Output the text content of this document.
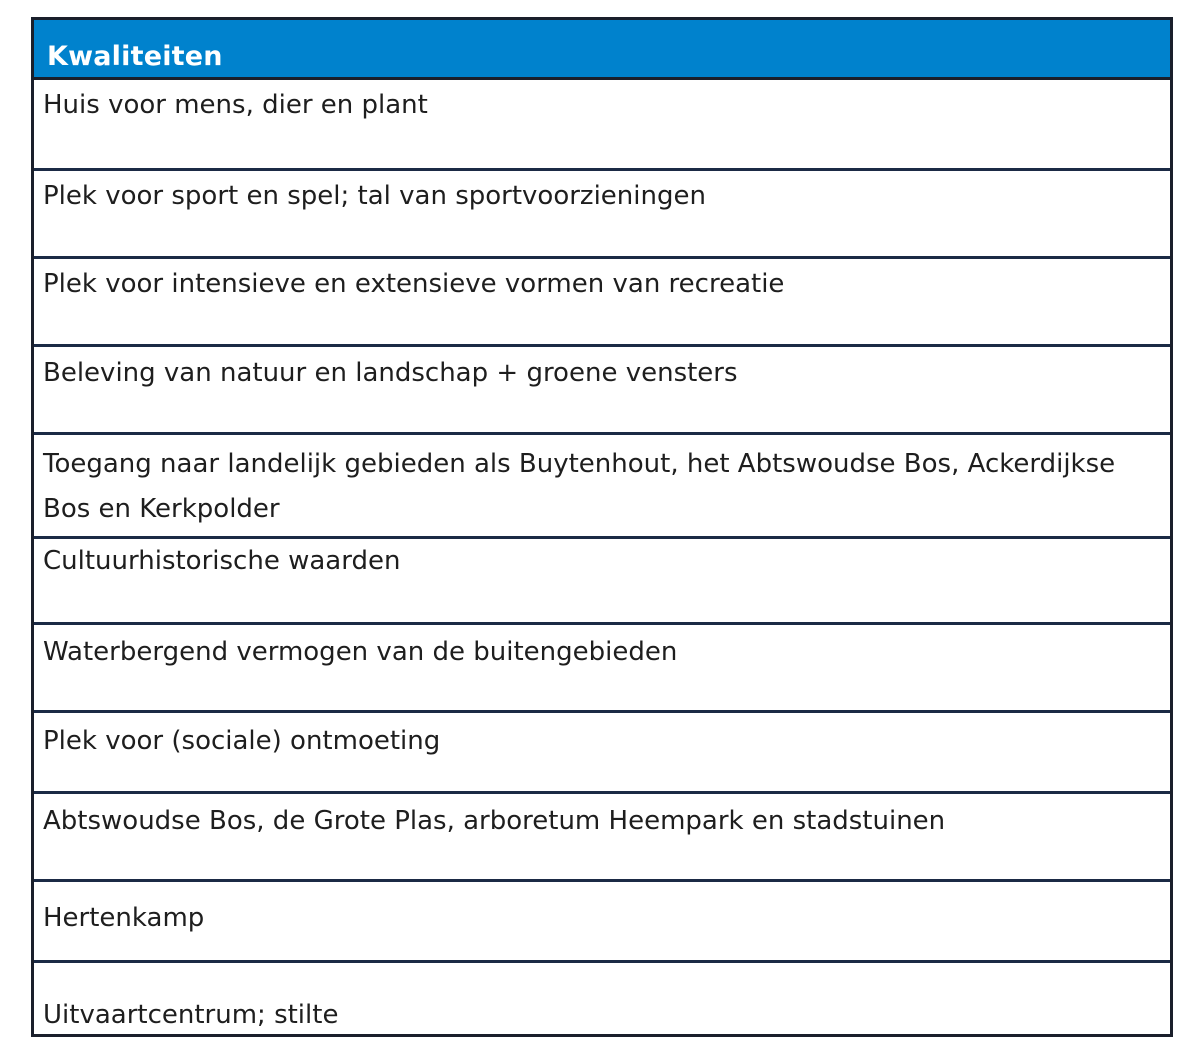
Kwaliteiten
Huis voor mens, dier en plant
Plek voor sport en spel; tal van sportvoorzieningen
Plek voor intensieve en extensieve vormen van recreatie
Beleving van natuur en landschap + groene vensters
Toegang naar landelijk gebieden als Buytenhout, het Abtswoudse Bos, Ackerdijkse Bos en Kerkpolder
Cultuurhistorische waarden
Waterbergend vermogen van de buitengebieden
Plek voor (sociale) ontmoeting
Abtswoudse Bos, de Grote Plas, arboretum Heempark en stadstuinen
Hertenkamp
Uitvaartcentrum; stilte
